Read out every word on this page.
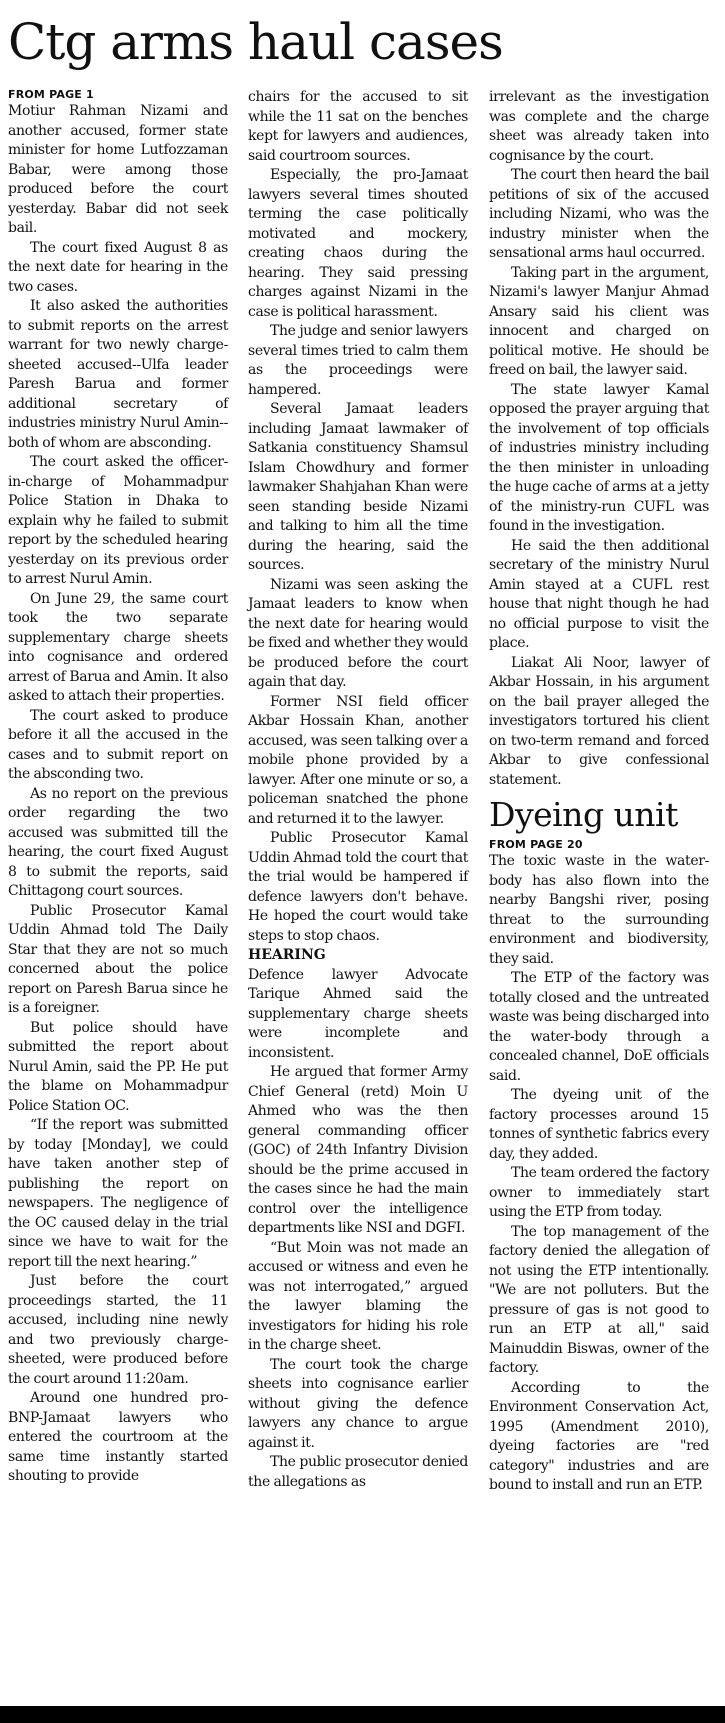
Ctg arms haul cases
FROM PAGE 1

Motiur Rahman Nizami and another accused, former state minister for home Lutfozzaman Babar, were among those produced before the court yesterday. Babar did not seek bail.

The court fixed August 8 as the next date for hearing in the two cases.

It also asked the authorities to submit reports on the arrest warrant for two newly charge-sheeted accused--Ulfa leader Paresh Barua and former additional secretary of industries ministry Nurul Amin--both of whom are absconding.

The court asked the officer-in-charge of Mohammadpur Police Station in Dhaka to explain why he failed to submit report by the scheduled hearing yesterday on its previous order to arrest Nurul Amin.

On June 29, the same court took the two separate supplementary charge sheets into cognisance and ordered arrest of Barua and Amin. It also asked to attach their properties.

The court asked to produce before it all the accused in the cases and to submit report on the absconding two.

As no report on the previous order regarding the two accused was submitted till the hearing, the court fixed August 8 to submit the reports, said Chittagong court sources.

Public Prosecutor Kamal Uddin Ahmad told The Daily Star that they are not so much concerned about the police report on Paresh Barua since he is a foreigner.

But police should have submitted the report about Nurul Amin, said the PP. He put the blame on Mohammadpur Police Station OC.

“If the report was submitted by today [Monday], we could have taken another step of publishing the report on newspapers. The negligence of the OC caused delay in the trial since we have to wait for the report till the next hearing.”

Just before the court proceedings started, the 11 accused, including nine newly and two previously charge-sheeted, were produced before the court around 11:20am.

Around one hundred pro-BNP-Jamaat lawyers who entered the courtroom at the same time instantly started shouting to provide

chairs for the accused to sit while the 11 sat on the benches kept for lawyers and audiences, said courtroom sources.

Especially, the pro-Jamaat lawyers several times shouted terming the case politically motivated and mockery, creating chaos during the hearing. They said pressing charges against Nizami in the case is political harassment.

The judge and senior lawyers several times tried to calm them as the proceedings were hampered.

Several Jamaat leaders including Jamaat lawmaker of Satkania constituency Shamsul Islam Chowdhury and former lawmaker Shahjahan Khan were seen standing beside Nizami and talking to him all the time during the hearing, said the sources.

Nizami was seen asking the Jamaat leaders to know when the next date for hearing would be fixed and whether they would be produced before the court again that day.

Former NSI field officer Akbar Hossain Khan, another accused, was seen talking over a mobile phone provided by a lawyer. After one minute or so, a policeman snatched the phone and returned it to the lawyer.

Public Prosecutor Kamal Uddin Ahmad told the court that the trial would be hampered if defence lawyers don't behave. He hoped the court would take steps to stop chaos.

HEARING

Defence lawyer Advocate Tarique Ahmed said the supplementary charge sheets were incomplete and inconsistent.

He argued that former Army Chief General (retd) Moin U Ahmed who was the then general commanding officer (GOC) of 24th Infantry Division should be the prime accused in the cases since he had the main control over the intelligence departments like NSI and DGFI.

“But Moin was not made an accused or witness and even he was not interrogated,” argued the lawyer blaming the investigators for hiding his role in the charge sheet.

The court took the charge sheets into cognisance earlier without giving the defence lawyers any chance to argue against it.

The public prosecutor denied the allegations as

irrelevant as the investigation was complete and the charge sheet was already taken into cognisance by the court.

The court then heard the bail petitions of six of the accused including Nizami, who was the industry minister when the sensational arms haul occurred.

Taking part in the argument, Nizami's lawyer Manjur Ahmad Ansary said his client was innocent and charged on political motive. He should be freed on bail, the lawyer said.

The state lawyer Kamal opposed the prayer arguing that the involvement of top officials of industries ministry including the then minister in unloading the huge cache of arms at a jetty of the ministry-run CUFL was found in the investigation.

He said the then additional secretary of the ministry Nurul Amin stayed at a CUFL rest house that night though he had no official purpose to visit the place.

Liakat Ali Noor, lawyer of Akbar Hossain, in his argument on the bail prayer alleged the investigators tortured his client on two-term remand and forced Akbar to give confessional statement.

Dyeing unit
FROM PAGE 20

The toxic waste in the water-body has also flown into the nearby Bangshi river, posing threat to the surrounding environment and biodiversity, they said.

The ETP of the factory was totally closed and the untreated waste was being discharged into the water-body through a concealed channel, DoE officials said.

The dyeing unit of the factory processes around 15 tonnes of synthetic fabrics every day, they added.

The team ordered the factory owner to immediately start using the ETP from today.

The top management of the factory denied the allegation of not using the ETP intentionally. "We are not polluters. But the pressure of gas is not good to run an ETP at all," said Mainuddin Biswas, owner of the factory.

According to the Environment Conservation Act, 1995 (Amendment 2010), dyeing factories are "red category" industries and are bound to install and run an ETP.
